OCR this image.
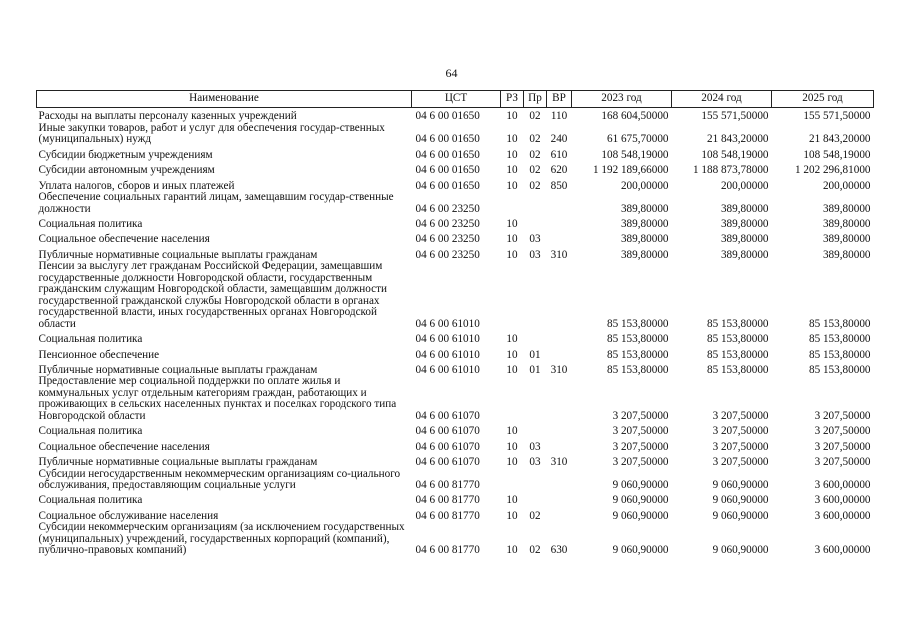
64
Наименование	ЦСТ	РЗ	Пр	ВР	2023 год	2024 год	2025 год
Расходы на выплаты персоналу казенных учреждений	04 6 00 01650	10	02	110	168 604,50000	155 571,50000	155 571,50000
Иные закупки товаров, работ и услуг для обеспечения государ-ственных (муниципальных) нужд	04 6 00 01650	10	02	240	61 675,70000	21 843,20000	21 843,20000
Субсидии бюджетным учреждениям	04 6 00 01650	10	02	610	108 548,19000	108 548,19000	108 548,19000
Субсидии автономным учреждениям	04 6 00 01650	10	02	620	1 192 189,66000	1 188 873,78000	1 202 296,81000
Уплата налогов, сборов и иных платежей	04 6 00 01650	10	02	850	200,00000	200,00000	200,00000
Обеспечение социальных гарантий лицам, замещавшим государ-ственные должности	04 6 00 23250				389,80000	389,80000	389,80000
Социальная политика	04 6 00 23250	10			389,80000	389,80000	389,80000
Социальное обеспечение населения	04 6 00 23250	10	03		389,80000	389,80000	389,80000
Публичные нормативные социальные выплаты гражданам	04 6 00 23250	10	03	310	389,80000	389,80000	389,80000
Пенсии за выслугу лет гражданам Российской Федерации, замещавшим государственные должности Новгородской области, государственным гражданским служащим Новгородской области, замещавшим должности государственной гражданской службы Новгородской области в органах государственной власти, иных государственных органах Новгородской области	04 6 00 61010				85 153,80000	85 153,80000	85 153,80000
Социальная политика	04 6 00 61010	10			85 153,80000	85 153,80000	85 153,80000
Пенсионное обеспечение	04 6 00 61010	10	01		85 153,80000	85 153,80000	85 153,80000
Публичные нормативные социальные выплаты гражданам	04 6 00 61010	10	01	310	85 153,80000	85 153,80000	85 153,80000
Предоставление мер социальной поддержки по оплате жилья и коммунальных услуг отдельным категориям граждан, работающих и проживающих в сельских населенных пунктах и поселках городского типа Новгородской области	04 6 00 61070				3 207,50000	3 207,50000	3 207,50000
Социальная политика	04 6 00 61070	10			3 207,50000	3 207,50000	3 207,50000
Социальное обеспечение населения	04 6 00 61070	10	03		3 207,50000	3 207,50000	3 207,50000
Публичные нормативные социальные выплаты гражданам	04 6 00 61070	10	03	310	3 207,50000	3 207,50000	3 207,50000
Субсидии негосударственным некоммерческим организациям со-циального обслуживания, предоставляющим социальные услуги	04 6 00 81770				9 060,90000	9 060,90000	3 600,00000
Социальная политика	04 6 00 81770	10			9 060,90000	9 060,90000	3 600,00000
Социальное обслуживание населения	04 6 00 81770	10	02		9 060,90000	9 060,90000	3 600,00000
Субсидии некоммерческим организациям (за исключением государственных (муниципальных) учреждений, государственных корпораций (компаний), публично-правовых компаний)	04 6 00 81770	10	02	630	9 060,90000	9 060,90000	3 600,00000
